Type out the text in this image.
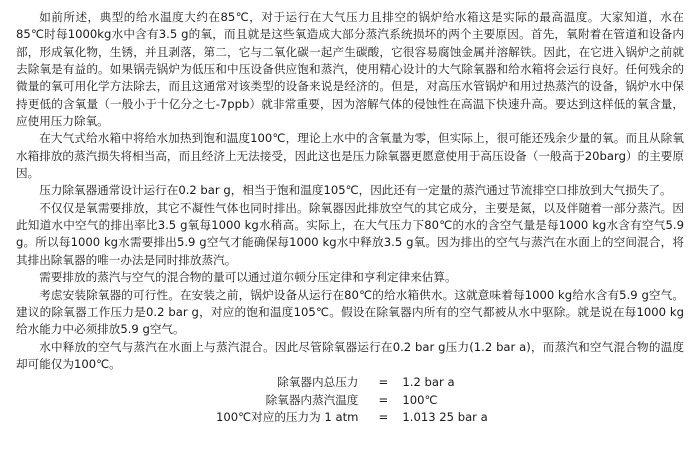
如前所述，典型的给水温度大约在85℃，对于运行在大气压力且排空的锅炉给水箱这是实际的最高温度。大家知道，水在85℃时每1000kg水中含有3.5 g的氧，而且就是这些氧造成大部分蒸汽系统损坏的两个主要原因。首先，氧附着在管道和设备内部，形成氧化物，生锈，并且剥落，第二，它与二氧化碳一起产生碳酸，它很容易腐蚀金属并溶解铁。因此，在它进入锅炉之前就去除氧是有益的。如果锅壳锅炉为低压和中压设备供应饱和蒸汽，使用精心设计的大气除氧器和给水箱将会运行良好。任何残余的微量的氧可用化学方法除去，而且这通常对该类型的设备来说是经济的。但是，对高压水管锅炉和用过热蒸汽的设备，锅炉水中保持更低的含氧量（一般小于十亿分之七-7ppb）就非常重要，因为溶解气体的侵蚀性在高温下快速升高。要达到这样低的氧含量，应使用压力除氧。

在大气式给水箱中将给水加热到饱和温度100℃，理论上水中的含氧量为零，但实际上，很可能还残余少量的氧。而且从除氧水箱排放的蒸汽损失将相当高，而且经济上无法接受，因此这也是压力除氧器更愿意使用于高压设备（一般高于20barg）的主要原因。

压力除氧器通常设计运行在0.2 bar g，相当于饱和温度105℃，因此还有一定量的蒸汽通过节流排空口排放到大气损失了。

不仅仅是氧需要排放，其它不凝性气体也同时排出。除氧器因此排放空气的其它成分，主要是氮，以及伴随着一部分蒸汽。因此知道水中空气的排出率比3.5 g氧每1000 kg水稍高。实际上，在大气压力下80℃的水的含空气量是每1000 kg水含有空气5.9 g。所以每1000 kg水需要排出5.9 g空气才能确保每1000 kg水中释放3.5 g氧。因为排出的空气与蒸汽在水面上的空间混合，将其排出除氧器的唯一办法是同时排放蒸汽。

需要排放的蒸汽与空气的混合物的量可以通过道尔顿分压定律和亨利定律来估算。

考虑安装除氧器的可行性。在安装之前，锅炉设备从运行在80℃的给水箱供水。这就意味着每1000 kg给水含有5.9 g空气。建议的除氧器工作压力是0.2 bar g，对应的饱和温度105℃。假设在除氧器内所有的空气都被从水中驱除。就是说在每1000 kg给水能力中必须排放5.9 g空气。

水中释放的空气与蒸汽在水面上与蒸汽混合。因此尽管除氧器运行在0.2 bar g压力(1.2 bar a)，而蒸汽和空气混合物的温度却可能仅为100℃。

除氧器内总压力	=	1.2 bar a
除氧器内蒸汽温度	=	100℃
100℃对应的压力为 1 atm	=	1.013 25 bar a
